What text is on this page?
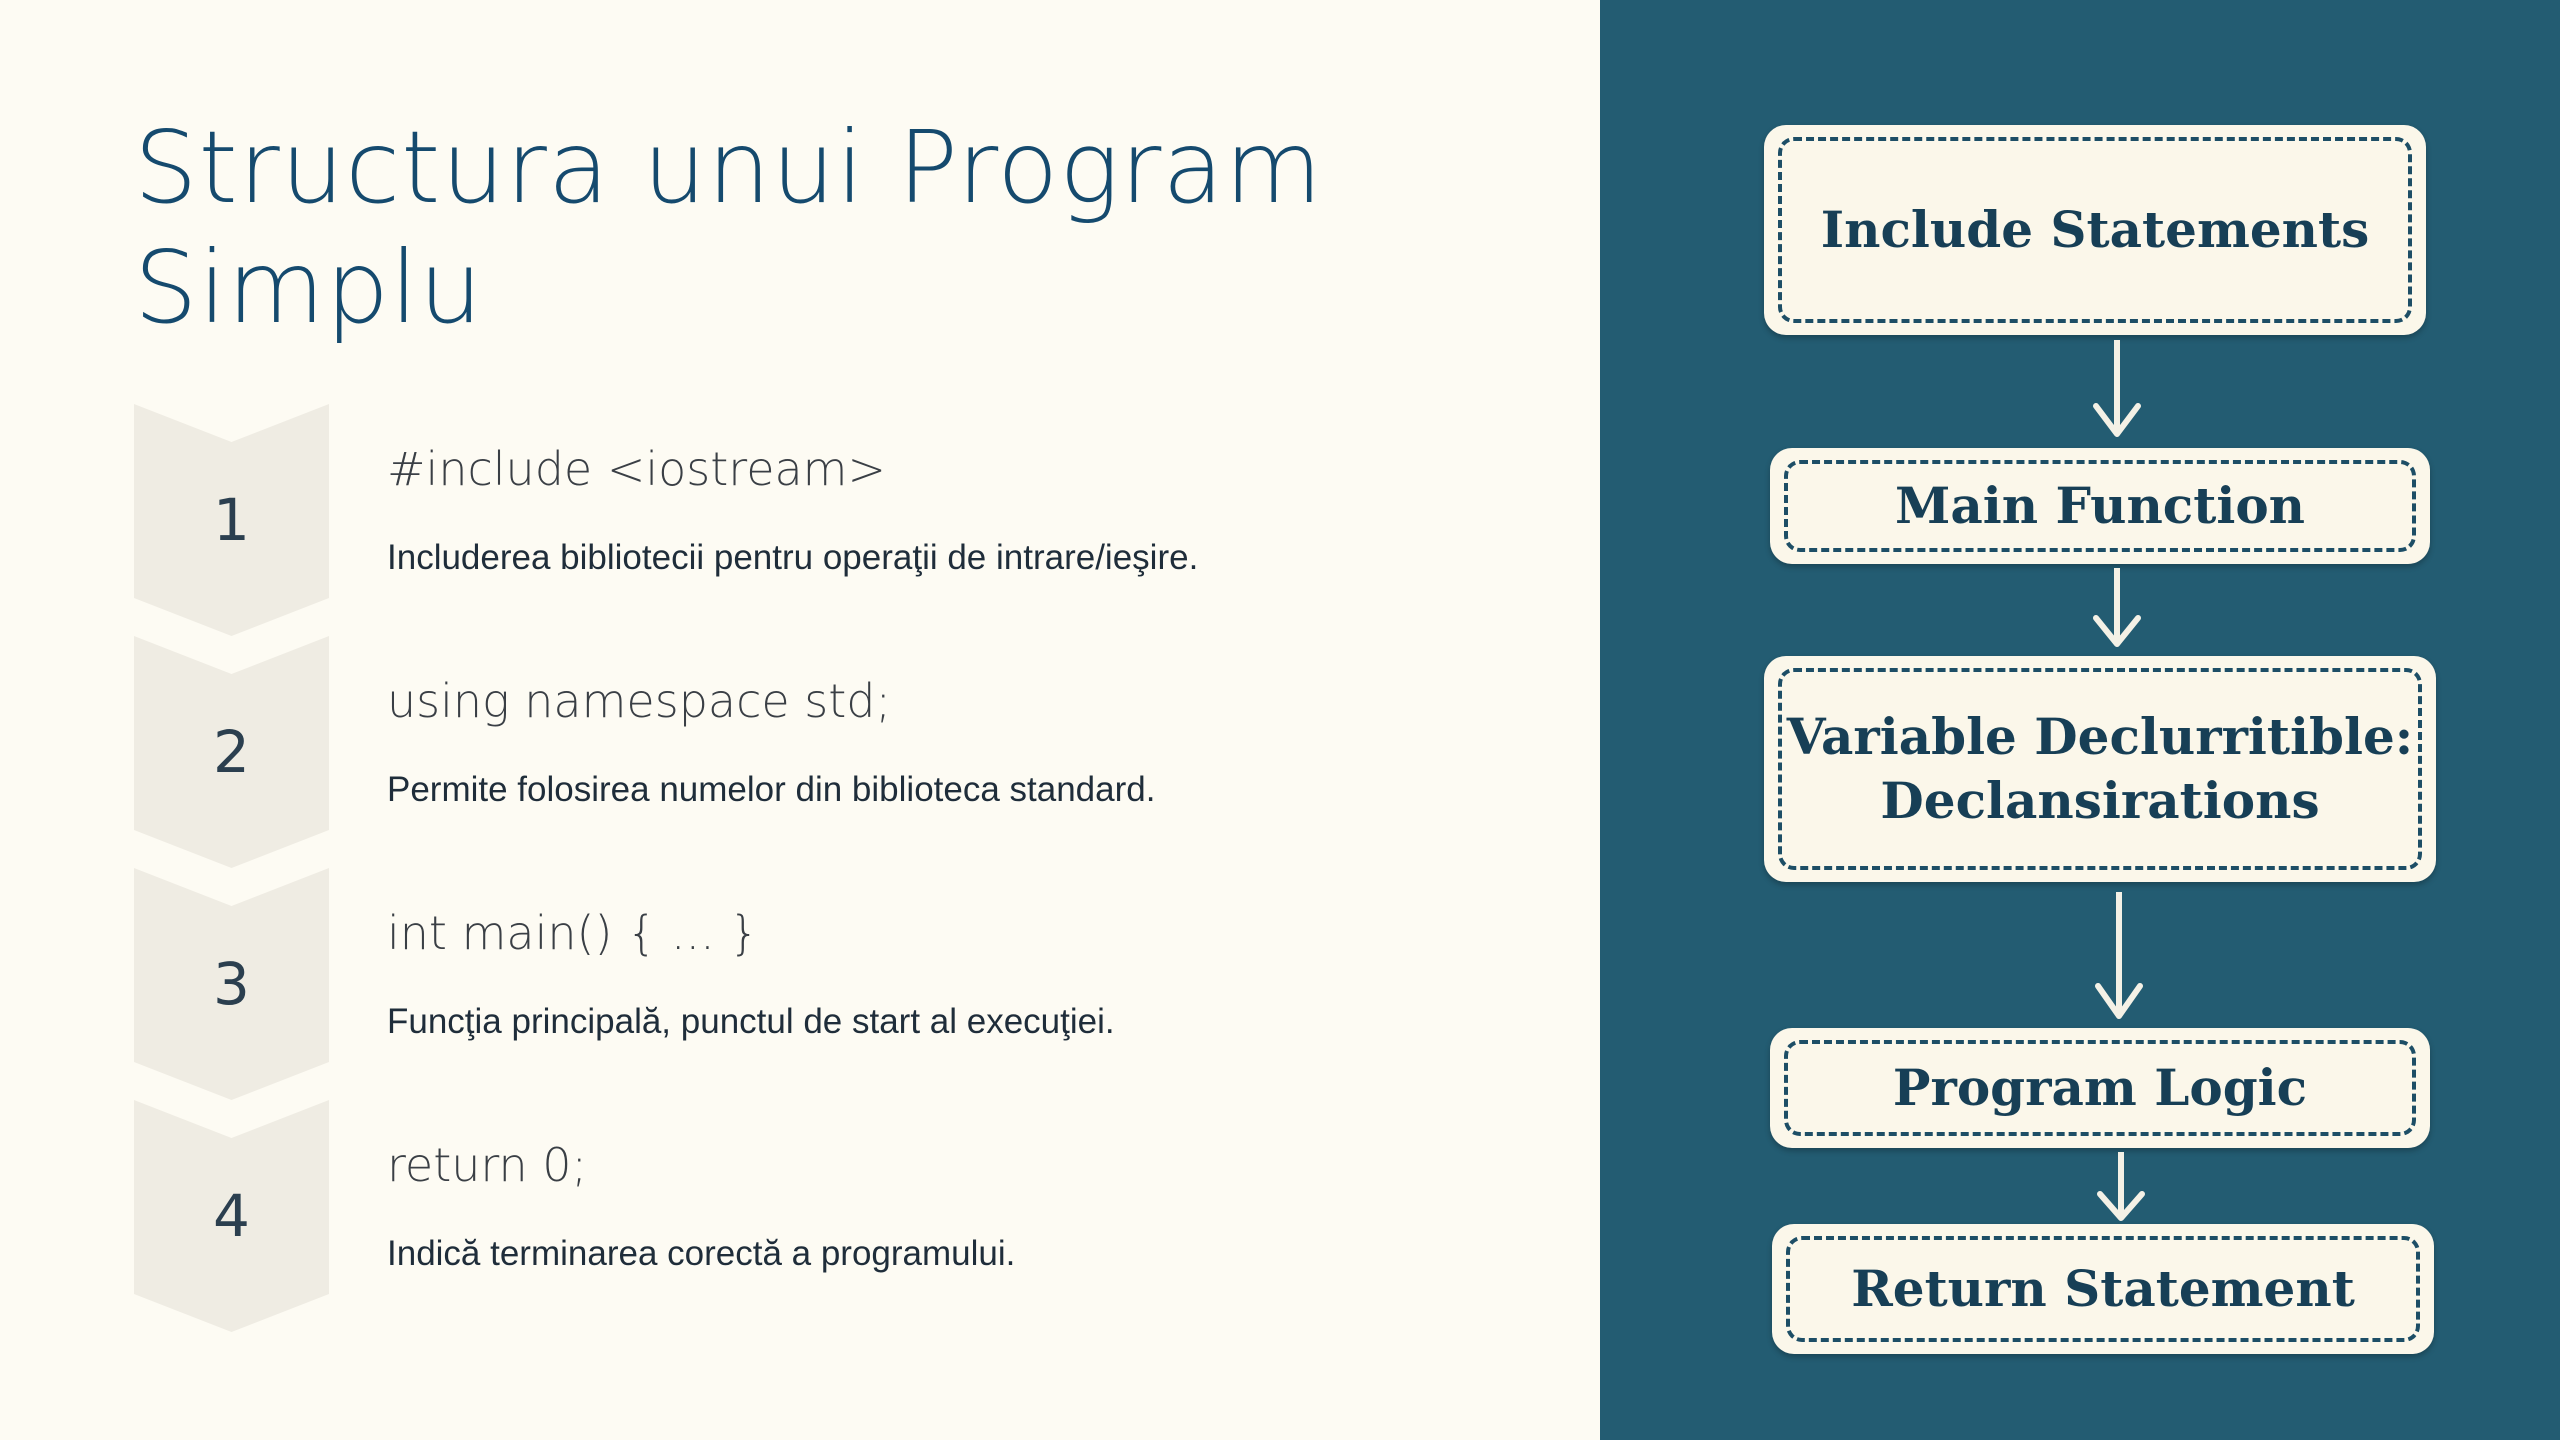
Structura unui Program Simplu
1
#include <iostream>
Includerea bibliotecii pentru operaţii de intrare/ieşire.
2
using namespace std;
Permite folosirea numelor din biblioteca standard.
3
int main() { ... }
Funcţia principală, punctul de start al execuţiei.
4
return 0;
Indică terminarea corectă a programului.
Include Statements
Main Function
Variable Declurritible: Declansirations
Program Logic
Return Statement
